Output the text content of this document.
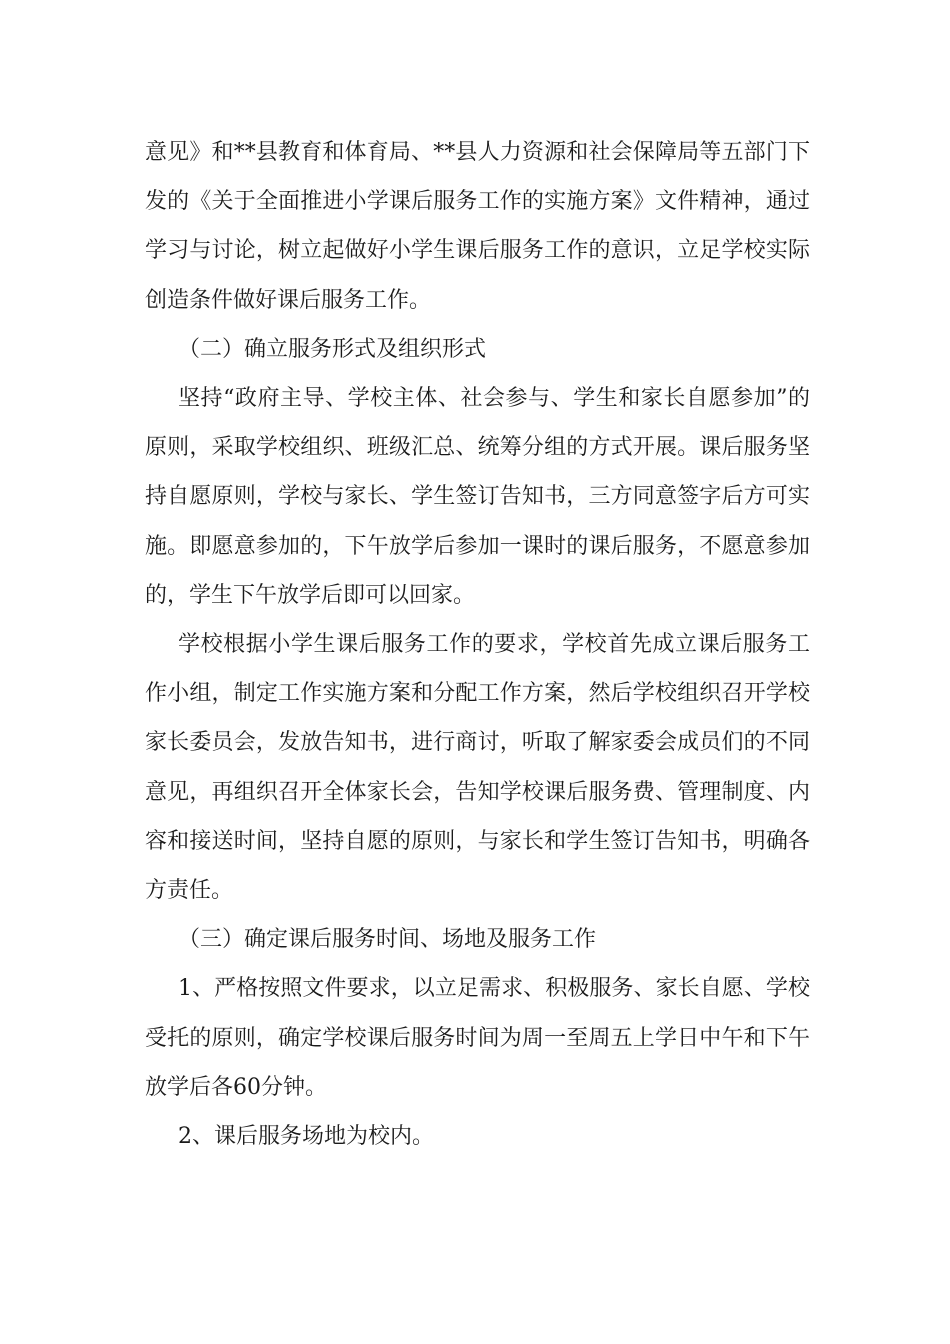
意见》和**县教育和体育局、**县人力资源和社会保障局等五部门下发的《关于全面推进小学课后服务工作的实施方案》文件精神，通过学习与讨论，树立起做好小学生课后服务工作的意识，立足学校实际创造条件做好课后服务工作。

（二）确立服务形式及组织形式

坚持“政府主导、学校主体、社会参与、学生和家长自愿参加”的原则，采取学校组织、班级汇总、统筹分组的方式开展。课后服务坚持自愿原则，学校与家长、学生签订告知书，三方同意签字后方可实施。即愿意参加的，下午放学后参加一课时的课后服务，不愿意参加的，学生下午放学后即可以回家。

学校根据小学生课后服务工作的要求，学校首先成立课后服务工作小组，制定工作实施方案和分配工作方案，然后学校组织召开学校家长委员会，发放告知书，进行商讨，听取了解家委会成员们的不同意见，再组织召开全体家长会，告知学校课后服务费、管理制度、内容和接送时间，坚持自愿的原则，与家长和学生签订告知书，明确各方责任。

（三）确定课后服务时间、场地及服务工作

1、严格按照文件要求，以立足需求、积极服务、家长自愿、学校受托的原则，确定学校课后服务时间为周一至周五上学日中午和下午放学后各60分钟。

2、课后服务场地为校内。
